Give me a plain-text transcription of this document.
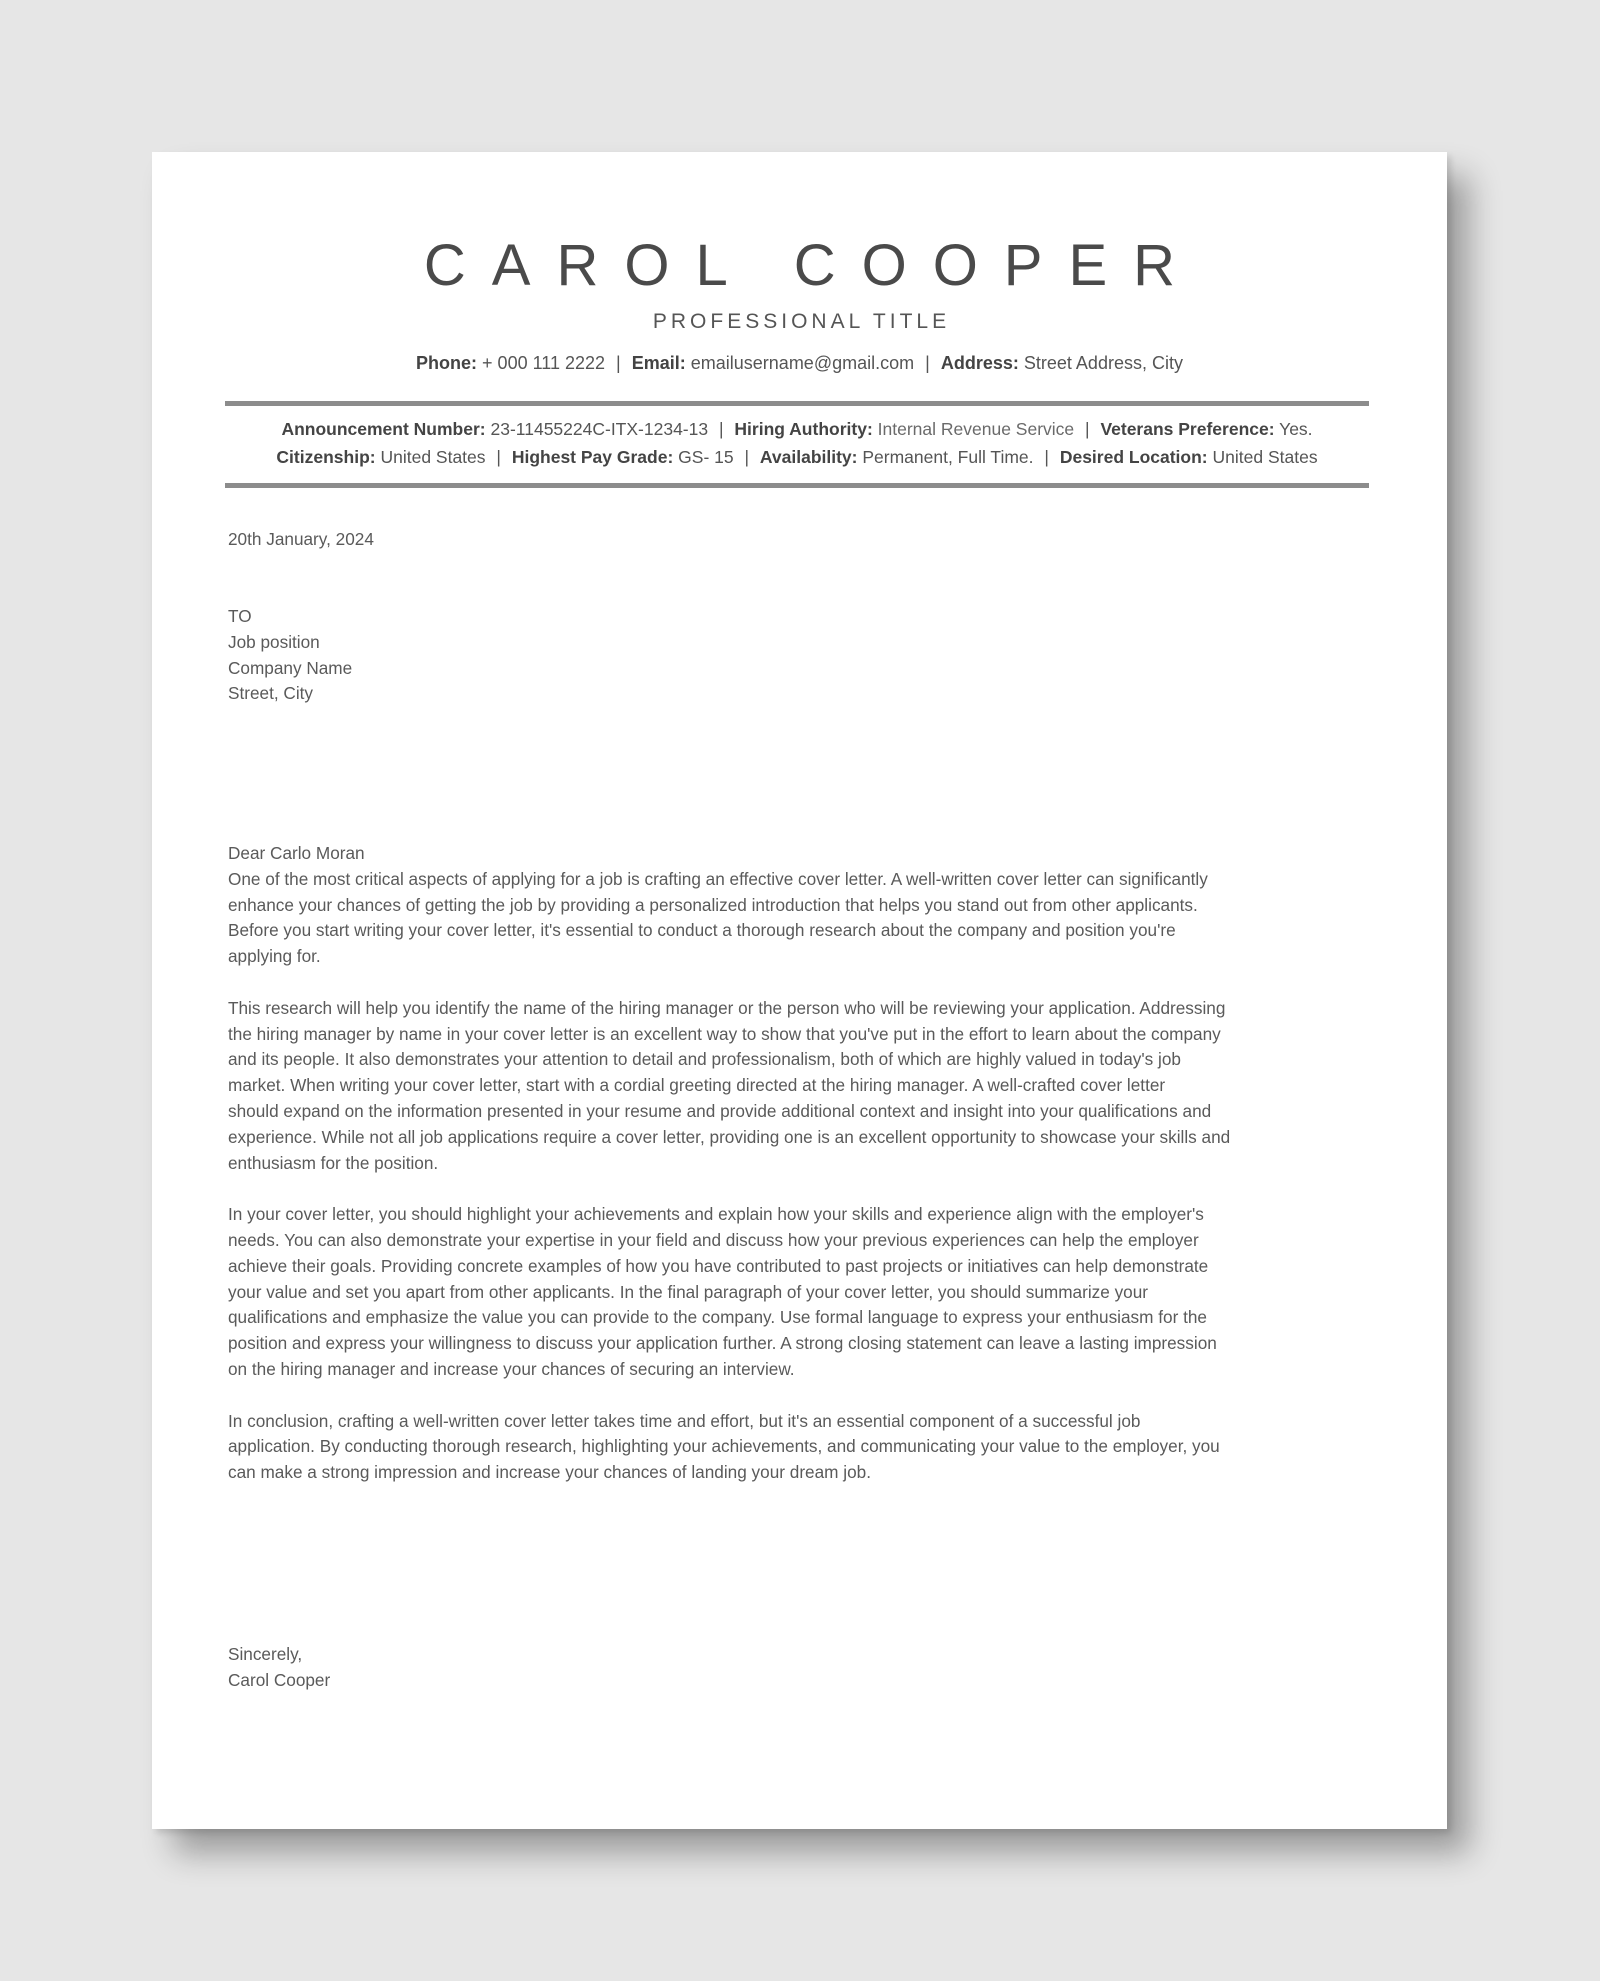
CAROL COOPER
PROFESSIONAL TITLE
Phone: + 000 111 2222 | Email: emailusername@gmail.com | Address: Street Address, City
Announcement Number: 23-11455224C-ITX-1234-13 | Hiring Authority: Internal Revenue Service | Veterans Preference: Yes.
Citizenship: United States | Highest Pay Grade: GS- 15 | Availability: Permanent, Full Time. | Desired Location: United States
20th January, 2024
TO
Job position
Company Name
Street, City

Dear Carlo Moran

One of the most critical aspects of applying for a job is crafting an effective cover letter. A well-written cover letter can significantly
enhance your chances of getting the job by providing a personalized introduction that helps you stand out from other applicants.
Before you start writing your cover letter, it's essential to conduct a thorough research about the company and position you're
applying for.

This research will help you identify the name of the hiring manager or the person who will be reviewing your application. Addressing
the hiring manager by name in your cover letter is an excellent way to show that you've put in the effort to learn about the company
and its people. It also demonstrates your attention to detail and professionalism, both of which are highly valued in today's job
market. When writing your cover letter, start with a cordial greeting directed at the hiring manager. A well-crafted cover letter
should expand on the information presented in your resume and provide additional context and insight into your qualifications and
experience. While not all job applications require a cover letter, providing one is an excellent opportunity to showcase your skills and
enthusiasm for the position.

In your cover letter, you should highlight your achievements and explain how your skills and experience align with the employer's
needs. You can also demonstrate your expertise in your field and discuss how your previous experiences can help the employer
achieve their goals. Providing concrete examples of how you have contributed to past projects or initiatives can help demonstrate
your value and set you apart from other applicants. In the final paragraph of your cover letter, you should summarize your
qualifications and emphasize the value you can provide to the company. Use formal language to express your enthusiasm for the
position and express your willingness to discuss your application further. A strong closing statement can leave a lasting impression
on the hiring manager and increase your chances of securing an interview.

In conclusion, crafting a well-written cover letter takes time and effort, but it's an essential component of a successful job
application. By conducting thorough research, highlighting your achievements, and communicating your value to the employer, you
can make a strong impression and increase your chances of landing your dream job.

Sincerely,
Carol Cooper
